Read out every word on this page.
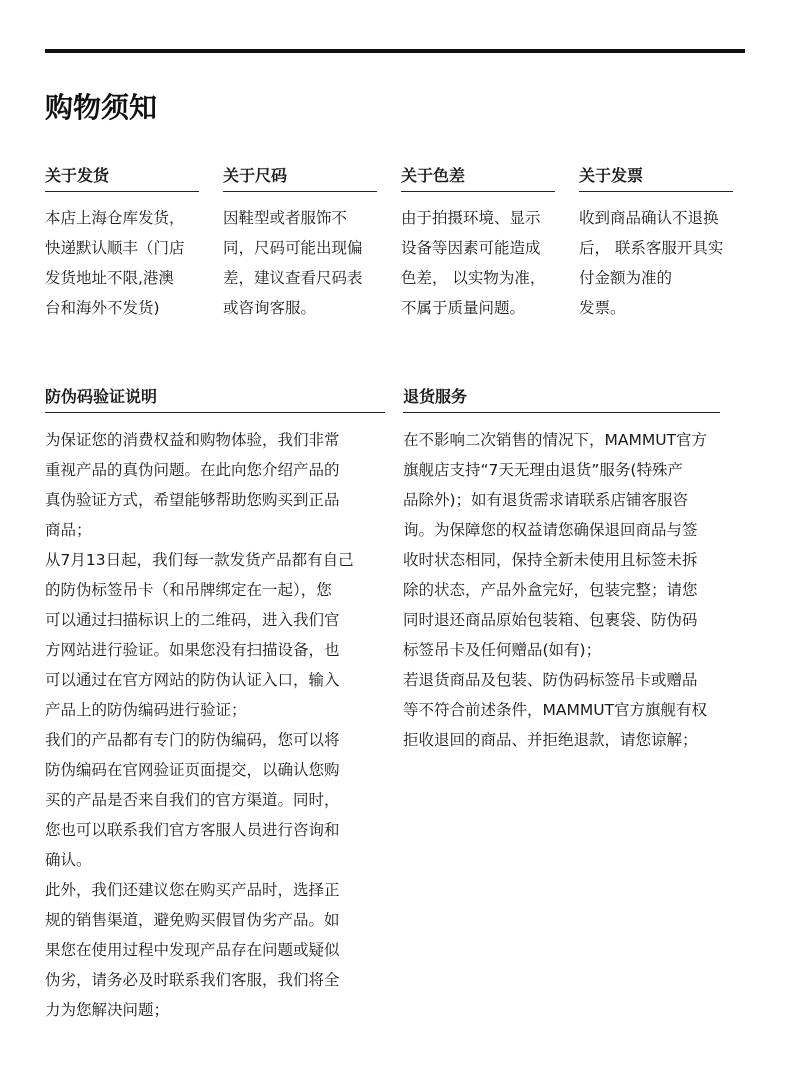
购物须知
关于发货
本店上海仓库发货，
快递默认顺丰（门店
发货地址不限,港澳
台和海外不发货)
关于尺码
因鞋型或者服饰不
同，尺码可能出现偏
差，建议查看尺码表
或咨询客服。
关于色差
由于拍摄环境、显示
设备等因素可能造成
色差， 以实物为准，
不属于质量问题。
关于发票
收到商品确认不退换
后， 联系客服开具实
付金额为准的
发票。
防伪码验证说明
为保证您的消费权益和购物体验，我们非常
重视产品的真伪问题。在此向您介绍产品的
真伪验证方式，希望能够帮助您购买到正品
商品；
从7月13日起，我们每一款发货产品都有自己
的防伪标签吊卡（和吊牌绑定在一起），您
可以通过扫描标识上的二维码，进入我们官
方网站进行验证。如果您没有扫描设备，也
可以通过在官方网站的防伪认证入口，输入
产品上的防伪编码进行验证；
我们的产品都有专门的防伪编码，您可以将
防伪编码在官网验证页面提交，以确认您购
买的产品是否来自我们的官方渠道。同时，
您也可以联系我们官方客服人员进行咨询和
确认。
此外，我们还建议您在购买产品时，选择正
规的销售渠道，避免购买假冒伪劣产品。如
果您在使用过程中发现产品存在问题或疑似
伪劣，请务必及时联系我们客服，我们将全
力为您解决问题；
退货服务
在不影响二次销售的情况下，MAMMUT官方
旗舰店支持“7天无理由退货”服务(特殊产
品除外)；如有退货需求请联系店铺客服咨
询。为保障您的权益请您确保退回商品与签
收时状态相同，保持全新未使用且标签未拆
除的状态，产品外盒完好，包装完整；请您
同时退还商品原始包装箱、包裹袋、防伪码
标签吊卡及任何赠品(如有)；
若退货商品及包装、防伪码标签吊卡或赠品
等不符合前述条件，MAMMUT官方旗舰有权
拒收退回的商品、并拒绝退款，请您谅解；
